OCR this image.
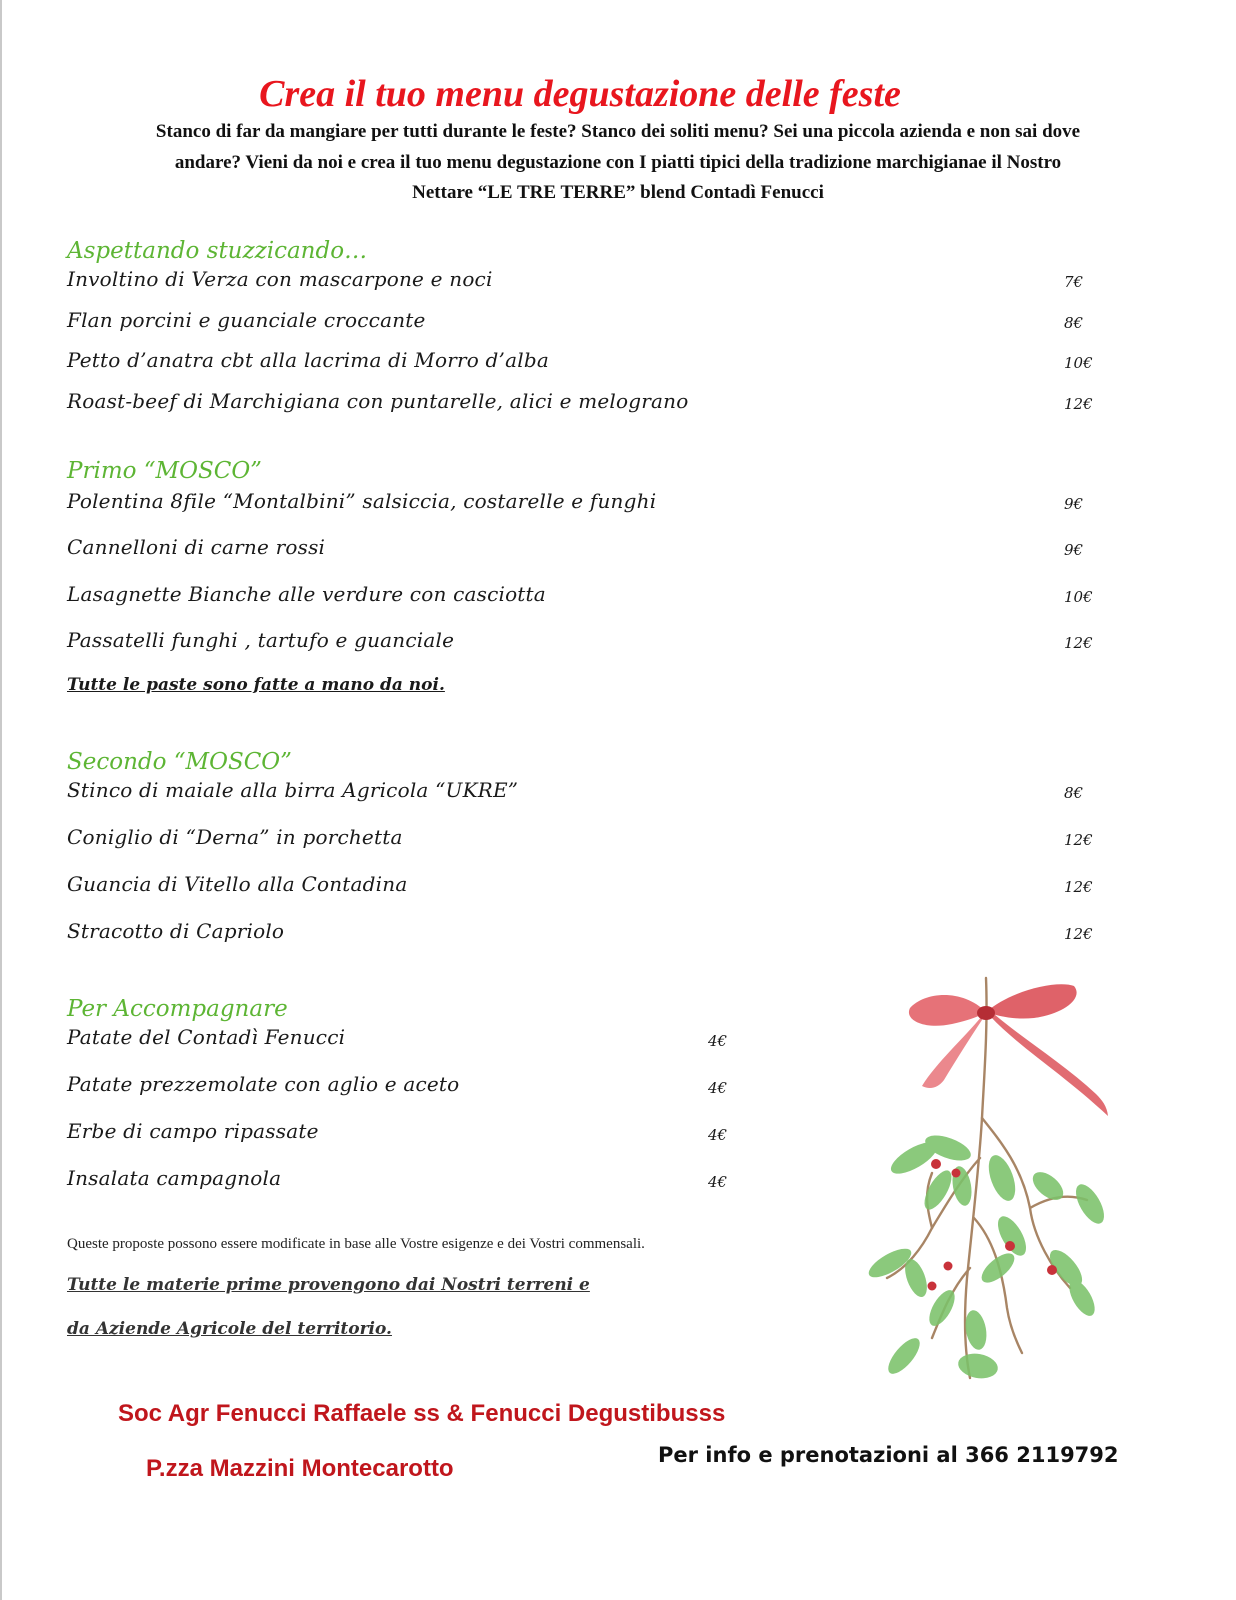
Crea il tuo menu degustazione delle feste
Stanco di far da mangiare per tutti durante le feste? Stanco dei soliti menu? Sei una piccola azienda e non sai dove
andare? Vieni da noi e crea il tuo menu degustazione con I piatti tipici della tradizione marchigianae il Nostro
Nettare “LE TRE TERRE” blend Contadì Fenucci
Aspettando stuzzicando…
Involtino di Verza con mascarpone e noci	7€
Flan porcini e guanciale croccante	8€
Petto d’anatra cbt alla lacrima di Morro d’alba	10€
Roast-beef di Marchigiana con puntarelle, alici e melograno	12€
Primo “MOSCO”
Polentina 8file “Montalbini” salsiccia, costarelle e funghi	9€
Cannelloni di carne rossi	9€
Lasagnette Bianche alle verdure con casciotta	10€
Passatelli funghi , tartufo e guanciale	12€
Tutte le paste sono fatte a mano da noi.
Secondo “MOSCO”
Stinco di maiale alla birra Agricola “UKRE”	8€
Coniglio di “Derna” in porchetta	12€
Guancia di Vitello alla Contadina	12€
Stracotto di Capriolo	12€
Per Accompagnare
Patate del Contadì Fenucci	4€
Patate prezzemolate con aglio e aceto	4€
Erbe di campo ripassate	4€
Insalata campagnola	4€
Queste proposte possono essere modificate in base alle Vostre esigenze e dei Vostri commensali.
Tutte le materie prime provengono dai Nostri terreni e
da Aziende Agricole del territorio.
Soc Agr Fenucci Raffaele ss & Fenucci Degustibusss
P.zza Mazzini Montecarotto	Per info e prenotazioni al 366 2119792
